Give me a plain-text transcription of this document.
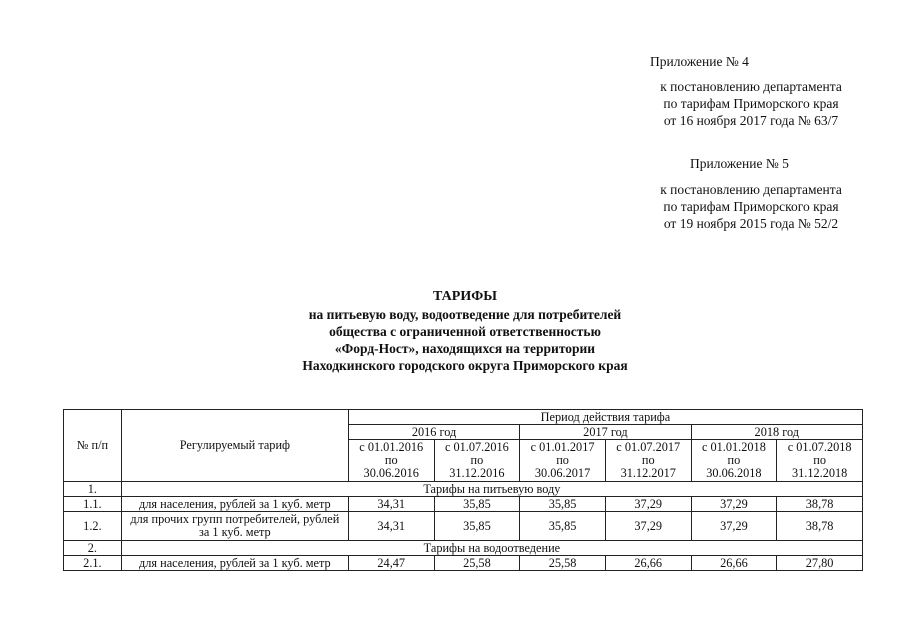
Приложение № 4
к постановлению департамента
по тарифам Приморского края
от 16 ноября 2017 года № 63/7
Приложение № 5
к постановлению департамента
по тарифам Приморского края
от 19 ноября 2015 года № 52/2
ТАРИФЫ
на питьевую воду, водоотведение для потребителей
общества с ограниченной ответственностью
«Форд-Ност», находящихся на территории
Находкинского городского округа Приморского края
№ п/п	Регулируемый тариф	Период действия тарифа					
		2016 год		2017 год		2018 год	

		с 01.01.2016
по
30.06.2016	с 01.07.2016
по
31.12.2016	с 01.01.2017
по
30.06.2017	с 01.07.2017
по
31.12.2017	с 01.01.2018
по
30.06.2018	с 01.07.2018
по
31.12.2018

1.	Тарифы на питьевую воду						
1.1.	для населения, рублей за 1 куб. метр	34,31	35,85	35,85	37,29	37,29	38,78
1.2.	для прочих групп потребителей, рублей за 1 куб. метр	34,31	35,85	35,85	37,29	37,29	38,78
2.	Тарифы на водоотведение						
2.1.	для населения, рублей за 1 куб. метр	24,47	25,58	25,58	26,66	26,66	27,80
